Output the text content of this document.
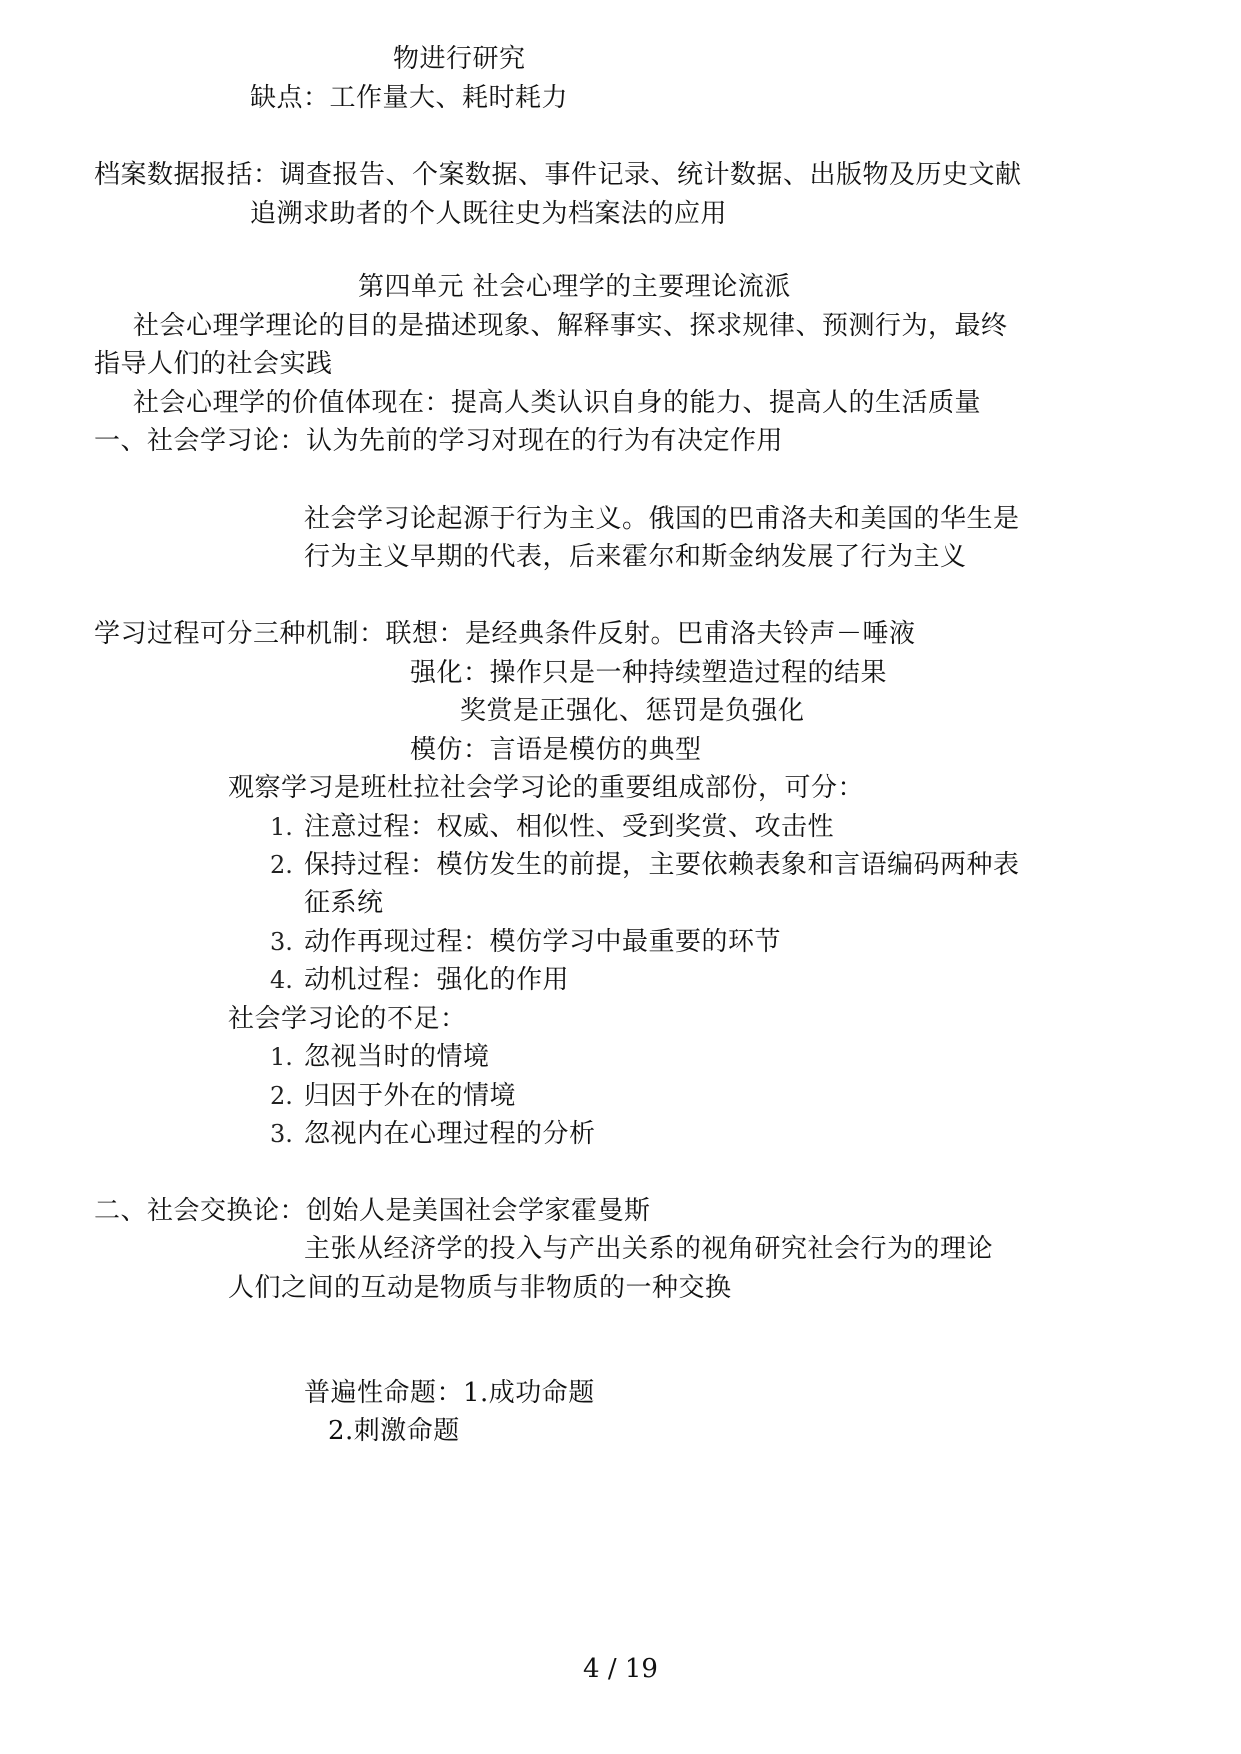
物进行研究
缺点：工作量大、耗时耗力
档案数据报括：调查报告、个案数据、事件记录、统计数据、出版物及历史文献
追溯求助者的个人既往史为档案法的应用
第四单元 社会心理学的主要理论流派
社会心理学理论的目的是描述现象、解释事实、探求规律、预测行为，最终
指导人们的社会实践
社会心理学的价值体现在：提高人类认识自身的能力、提高人的生活质量
一、社会学习论：认为先前的学习对现在的行为有决定作用
社会学习论起源于行为主义。俄国的巴甫洛夫和美国的华生是
行为主义早期的代表，后来霍尔和斯金纳发展了行为主义
学习过程可分三种机制：联想：是经典条件反射。巴甫洛夫铃声－唾液
强化：操作只是一种持续塑造过程的结果
奖赏是正强化、惩罚是负强化
模仿：言语是模仿的典型
观察学习是班杜拉社会学习论的重要组成部份，可分：
1. 注意过程：权威、相似性、受到奖赏、攻击性
2. 保持过程：模仿发生的前提，主要依赖表象和言语编码两种表
征系统
3. 动作再现过程：模仿学习中最重要的环节
4. 动机过程：强化的作用
社会学习论的不足：
1. 忽视当时的情境
2. 归因于外在的情境
3. 忽视内在心理过程的分析
二、社会交换论：创始人是美国社会学家霍曼斯
主张从经济学的投入与产出关系的视角研究社会行为的理论
人们之间的互动是物质与非物质的一种交换
普遍性命题：1.成功命题
2.刺激命题
4 / 19
